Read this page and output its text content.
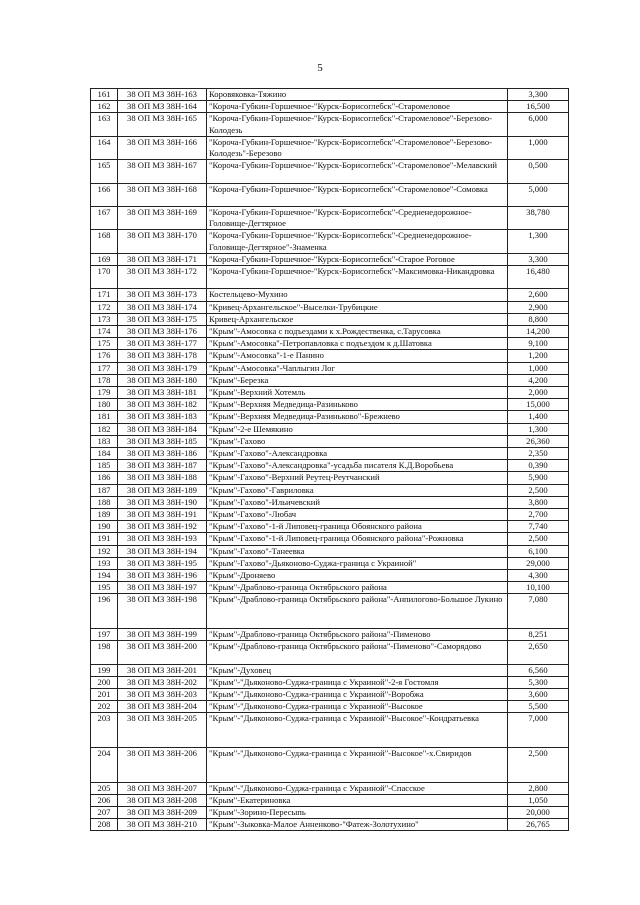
5
161	38 ОП МЗ 38Н-163	Коровяковка-Тяжино	3,300
162	38 ОП МЗ 38Н-164	"Короча-Губкин-Горшечное-"Курск-Борисоглебск"-Старомеловое	16,500
163	38 ОП МЗ 38Н-165	"Короча-Губкин-Горшечное-"Курск-Борисоглебск"-Старомеловое"-Березово-Колодезь	6,000
164	38 ОП МЗ 38Н-166	"Короча-Губкин-Горшечное-"Курск-Борисоглебск"-Старомеловое"-Березово-Колодезь"-Березово	1,000
165	38 ОП МЗ 38Н-167	"Короча-Губкин-Горшечное-"Курск-Борисоглебск"-Старомеловое"-Мелавский	0,500
166	38 ОП МЗ 38Н-168	"Короча-Губкин-Горшечное-"Курск-Борисоглебск"-Старомеловое"-Сомовка	5,000
167	38 ОП МЗ 38Н-169	"Короча-Губкин-Горшечное-"Курск-Борисоглебск"-Средненедорожное-Головище-Дегтярное	38,780
168	38 ОП МЗ 38Н-170	"Короча-Губкин-Горшечное-"Курск-Борисоглебск"-Средненедорожное-Головище-Дегтярное"-Знаменка	1,300
169	38 ОП МЗ 38Н-171	"Короча-Губкин-Горшечное-"Курск-Борисоглебск"-Старое Роговое	3,300
170	38 ОП МЗ 38Н-172	"Короча-Губкин-Горшечное-"Курск-Борисоглебск"-Максимовка-Никандровка	16,480
171	38 ОП МЗ 38Н-173	Костельцево-Мухино	2,600
172	38 ОП МЗ 38Н-174	"Кривец-Архангельское"-Выселки-Трубицкие	2,900
173	38 ОП МЗ 38Н-175	Кривец-Архангельское	8,800
174	38 ОП МЗ 38Н-176	"Крым"-Амосовка с подъездами к х.Рождественка, с.Тарусовка	14,200
175	38 ОП МЗ 38Н-177	"Крым"-Амосовка"-Петропавловка с подъездом к д.Шатовка	9,100
176	38 ОП МЗ 38Н-178	"Крым"-Амосовка"-1-е Панино	1,200
177	38 ОП МЗ 38Н-179	"Крым"-Амосовка"-Чаплыгин Лог	1,000
178	38 ОП МЗ 38Н-180	"Крым"-Березка	4,200
179	38 ОП МЗ 38Н-181	"Крым"-Верхний Хотемль	2,000
180	38 ОП МЗ 38Н-182	"Крым"-Верхняя Медведица-Разиньково	15,000
181	38 ОП МЗ 38Н-183	"Крым"-Верхняя Медведица-Разиньково"-Брежнево	1,400
182	38 ОП МЗ 38Н-184	"Крым"-2-е Шемякино	1,300
183	38 ОП МЗ 38Н-185	"Крым"-Гахово	26,360
184	38 ОП МЗ 38Н-186	"Крым"-Гахово"-Александровка	2,350
185	38 ОП МЗ 38Н-187	"Крым"-Гахово"-Александровка"-усадьба писателя К.Д.Воробьева	0,390
186	38 ОП МЗ 38Н-188	"Крым"-Гахово"-Верхний Реутец-Реутчанский	5,900
187	38 ОП МЗ 38Н-189	"Крым"-Гахово"-Гавриловка	2,500
188	38 ОП МЗ 38Н-190	"Крым"-Гахово"-Ильичевский	3,800
189	38 ОП МЗ 38Н-191	"Крым"-Гахово"-Любач	2,700
190	38 ОП МЗ 38Н-192	"Крым"-Гахово"-1-й Липовец-граница Обоянского района	7,740
191	38 ОП МЗ 38Н-193	"Крым"-Гахово"-1-й Липовец-граница Обоянского района"-Рожновка	2,500
192	38 ОП МЗ 38Н-194	"Крым"-Гахово"-Танеевка	6,100
193	38 ОП МЗ 38Н-195	"Крым"-Гахово"-Дьяконово-Суджа-граница с Украиной"	29,000
194	38 ОП МЗ 38Н-196	"Крым"-Дроняево	4,300
195	38 ОП МЗ 38Н-197	"Крым"-Драблово-граница Октябрьского района	10,100
196	38 ОП МЗ 38Н-198	"Крым"-Драблово-граница Октябрьского района"-Анпилогово-Большое Лукино	7,080
197	38 ОП МЗ 38Н-199	"Крым"-Драблово-граница Октябрьского района"-Пименово	8,251
198	38 ОП МЗ 38Н-200	"Крым"-Драблово-граница Октябрьского района"-Пименово"-Саморядово	2,650
199	38 ОП МЗ 38Н-201	"Крым"-Духовец	6,560
200	38 ОП МЗ 38Н-202	"Крым"-"Дьяконово-Суджа-граница с Украиной"-2-я Гостомля	5,300
201	38 ОП МЗ 38Н-203	"Крым"-"Дьяконово-Суджа-граница с Украиной"-Воробжа	3,600
202	38 ОП МЗ 38Н-204	"Крым"-"Дьяконово-Суджа-граница с Украиной"-Высокое	5,500
203	38 ОП МЗ 38Н-205	"Крым"-"Дьяконово-Суджа-граница с Украиной"-Высокое"-Кондратьевка	7,000
204	38 ОП МЗ 38Н-206	"Крым"-"Дьяконово-Суджа-граница с Украиной"-Высокое"-х.Свиридов	2,500
205	38 ОП МЗ 38Н-207	"Крым"-"Дьяконово-Суджа-граница с Украиной"-Спасское	2,800
206	38 ОП МЗ 38Н-208	"Крым"-Екатериновка	1,050
207	38 ОП МЗ 38Н-209	"Крым"-Зорино-Пересыпь	20,000
208	38 ОП МЗ 38Н-210	"Крым"-Зыковка-Малое Анненково-"Фатеж-Золотухино"	26,765
